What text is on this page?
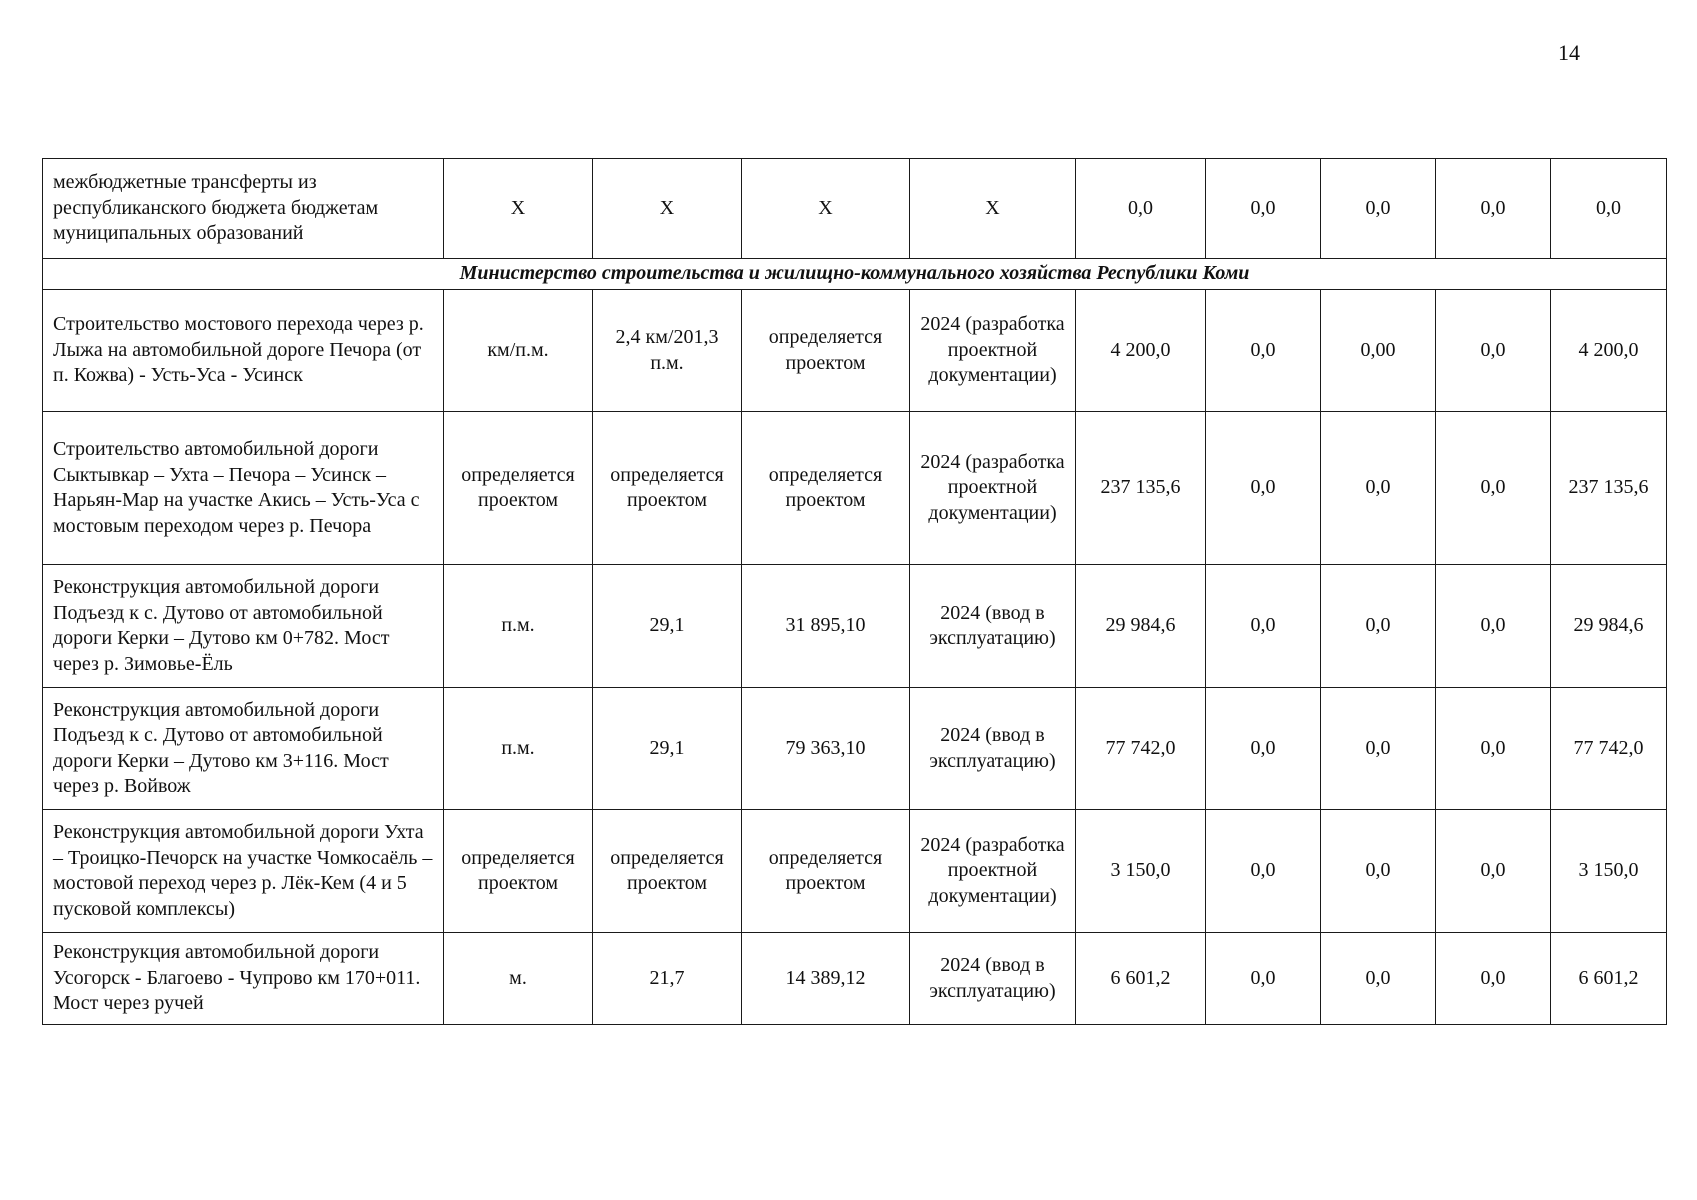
14
межбюджетные трансферты из республиканского бюджета бюджетам муниципальных образований	Х	Х	Х	Х	0,0	0,0	0,0	0,0	0,0
Министерство строительства и жилищно-коммунального хозяйства Республики Коми									
Строительство мостового перехода через р. Лыжа на автомобильной дороге Печора (от п. Кожва) - Усть-Уса - Усинск	км/п.м.	2,4 км/201,3 п.м.	определяется проектом	2024 (разработка проектной документации)	4 200,0	0,0	0,00	0,0	4 200,0
Строительство автомобильной дороги Сыктывкар – Ухта – Печора – Усинск – Нарьян-Мар на участке Акись – Усть-Уса с мостовым переходом через р. Печора	определяется проектом	определяется проектом	определяется проектом	2024 (разработка проектной документации)	237 135,6	0,0	0,0	0,0	237 135,6
Реконструкция автомобильной дороги Подъезд к с. Дутово от автомобильной дороги Керки – Дутово км 0+782. Мост через р. Зимовье-Ёль	п.м.	29,1	31 895,10	2024 (ввод в эксплуатацию)	29 984,6	0,0	0,0	0,0	29 984,6
Реконструкция автомобильной дороги Подъезд к с. Дутово от автомобильной дороги Керки – Дутово км 3+116. Мост через р. Войвож	п.м.	29,1	79 363,10	2024 (ввод в эксплуатацию)	77 742,0	0,0	0,0	0,0	77 742,0
Реконструкция автомобильной дороги Ухта – Троицко-Печорск на участке Чомкосаёль – мостовой переход через р. Лёк-Кем (4 и 5 пусковой комплексы)	определяется проектом	определяется проектом	определяется проектом	2024 (разработка проектной документации)	3 150,0	0,0	0,0	0,0	3 150,0
Реконструкция автомобильной дороги Усогорск - Благоево - Чупрово км 170+011. Мост через ручей	м.	21,7	14 389,12	2024 (ввод в эксплуатацию)	6 601,2	0,0	0,0	0,0	6 601,2
